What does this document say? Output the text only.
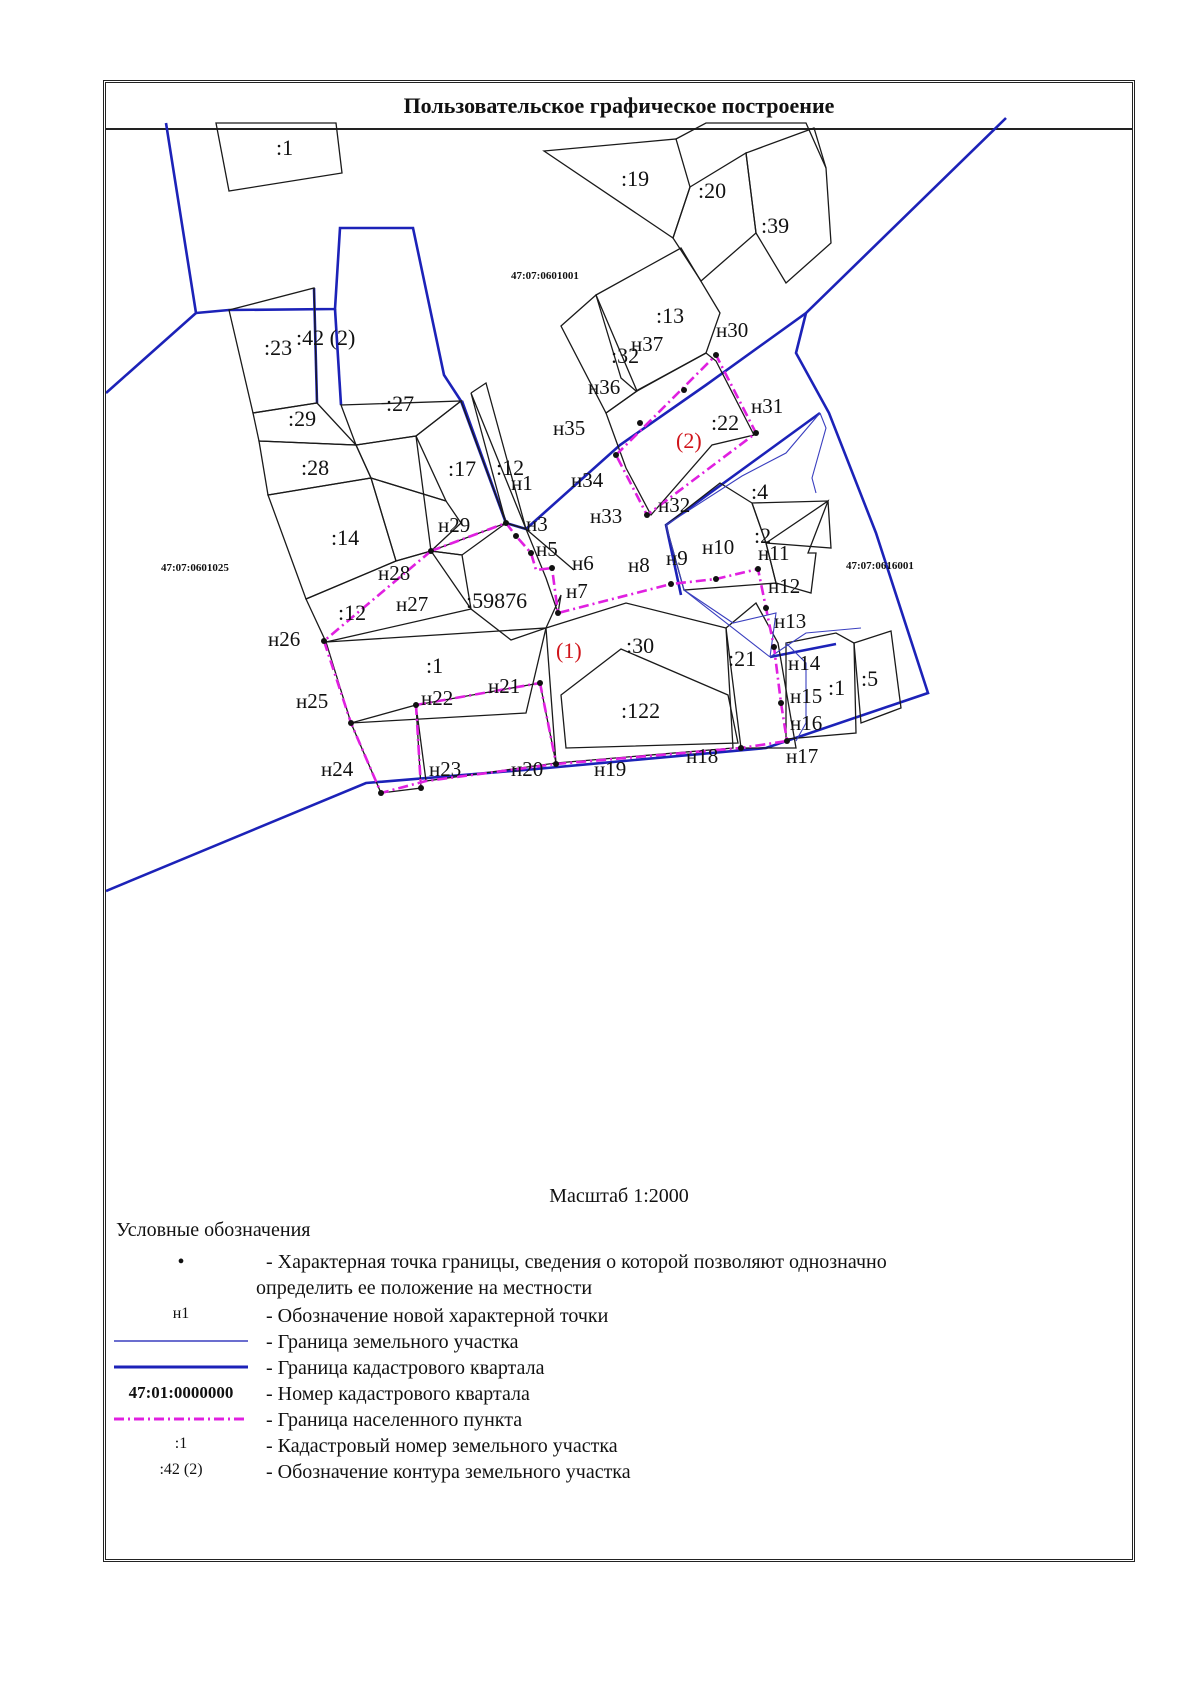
Пользовательское графическое построение
47:07:0601001
47:07:0601025	47:07:0616001
:1
:19 :20
:39
:13
:32
:22
:23 :42 (2)
:29
:27
:28	:17 :12
:14
:12	:59876
:4
:2
:1
:30
:122
:21
:1 :5
(1)
(2)
н1
н3
н5
н6
н7
н8 н9 н10 н11
н12
н13
н14
н15
н16
н17
н18
н19
н20
н21
н22
н23
н24
н25
н26
н27
н28
н29
н30
н31
н32
н33
н34
н35
н36
н37
Масштаб 1:2000
Условные обозначения
•	- Характерная точка границы, сведения о которой позволяют однозначно
определить ее положение на местности
н1	- Обозначение новой характерной точки
- Граница земельного участка
- Граница кадастрового квартала
47:01:0000000	- Номер кадастрового квартала
- Граница населенного пункта
:1	- Кадастровый номер земельного участка
:42 (2)	- Обозначение контура земельного участка
